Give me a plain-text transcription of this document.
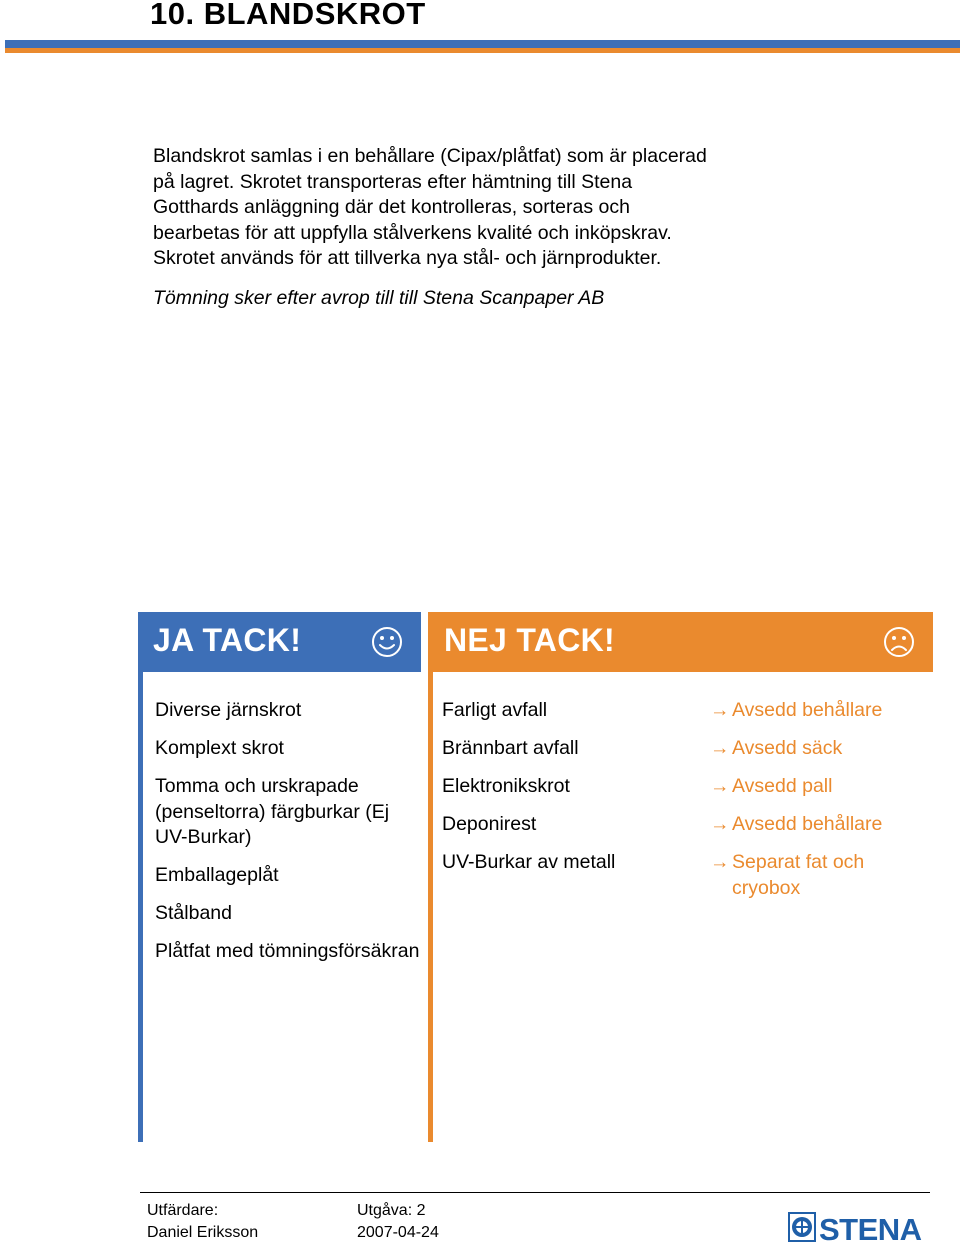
10. BLANDSKROT

Blandskrot samlas i en behållare (Cipax/plåtfat) som är placerad på lagret. Skrotet transporteras efter hämtning till Stena Gotthards anläggning där det kontrolleras, sorteras och bearbetas för att uppfylla stålverkens kvalité och inköpskrav. Skrotet används för att tillverka nya stål- och järnprodukter.

Tömning sker efter avrop till till Stena Scanpaper AB

JA TACK!	NEJ TACK!
Diverse järnskrot
Komplext skrot
Tomma och urskrapade (penseltorra) färgburkar (Ej UV-Burkar)
Emballageplåt
Stålband
Plåtfat med tömningsförsäkran
Farligt avfall
Brännbart avfall
Elektronikskrot
Deponirest
UV-Burkar av metall
→ Avsedd behållare
→ Avsedd säck
→ Avsedd pall
→ Avsedd behållare
→ Separat fat och cryobox
Utfärdare:
Daniel Eriksson
Utgåva: 2
2007-04-24	STENA
